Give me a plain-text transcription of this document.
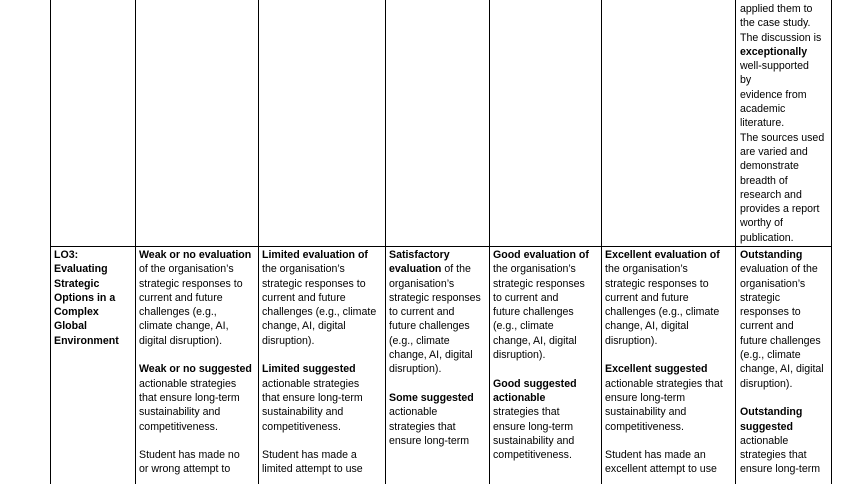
applied them to
the case study.
The discussion is
exceptionally
well-supported
by
evidence from
academic
literature.
The sources used
are varied and
demonstrate
breadth of
research and
provides a report
worthy of
publication.
LO3:
Evaluating
Strategic
Options in a
Complex
Global
Environment
Weak or no evaluation
of the organisation’s
strategic responses to
current and future
challenges (e.g.,
climate change, AI,
digital disruption).
Weak or no suggested
actionable strategies
that ensure long-term
sustainability and
competitiveness.
Student has made no
or wrong attempt to
Limited evaluation of
the organisation’s
strategic responses to
current and future
challenges (e.g., climate
change, AI, digital
disruption).
Limited suggested
actionable strategies
that ensure long-term
sustainability and
competitiveness.
Student has made a
limited attempt to use
Satisfactory
evaluation of the
organisation’s
strategic responses
to current and
future challenges
(e.g., climate
change, AI, digital
disruption).
Some suggested
actionable
strategies that
ensure long-term
Good evaluation of
the organisation’s
strategic responses
to current and
future challenges
(e.g., climate
change, AI, digital
disruption).
Good suggested
actionable
strategies that
ensure long-term
sustainability and
competitiveness.
Excellent evaluation of
the organisation’s
strategic responses to
current and future
challenges (e.g., climate
change, AI, digital
disruption).
Excellent suggested
actionable strategies that
ensure long-term
sustainability and
competitiveness.
Student has made an
excellent attempt to use
Outstanding
evaluation of the
organisation’s
strategic
responses to
current and
future challenges
(e.g., climate
change, AI, digital
disruption).
Outstanding
suggested
actionable
strategies that
ensure long-term
